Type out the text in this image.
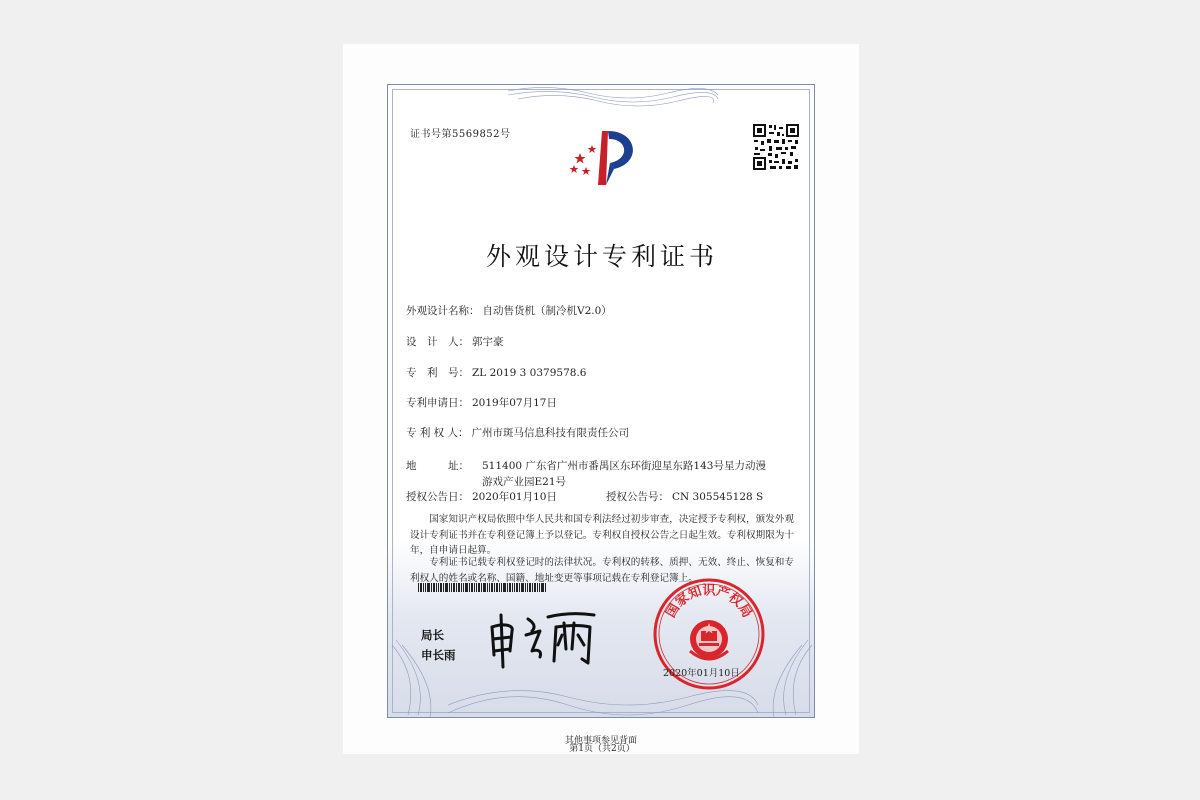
证书号第5569852号
外观设计专利证书
外观设计名称： 自动售货机（制冷机V2.0）
设　计　人： 郭宇豪
专　利　号： ZL 2019 3 0379578.6
专利申请日： 2019年07月17日
专 利 权 人： 广州市斑马信息科技有限责任公司
地　　　址： 511400 广东省广州市番禺区东环街迎星东路143号星力动漫游戏产业园E21号
授权公告日： 2020年01月10日	授权公告号： CN 305545128 S
国家知识产权局依照中华人民共和国专利法经过初步审查，决定授予专利权，颁发外观设计专利证书并在专利登记簿上予以登记。专利权自授权公告之日起生效。专利权期限为十年，自申请日起算。
专利证书记载专利权登记时的法律状况。专利权的转移、质押、无效、终止、恢复和专利权人的姓名或名称、国籍、地址变更等事项记载在专利登记簿上。
局长
申长雨
国家知识产权局
2020年01月10日
第1页（共2页）
其他事项参见背面
